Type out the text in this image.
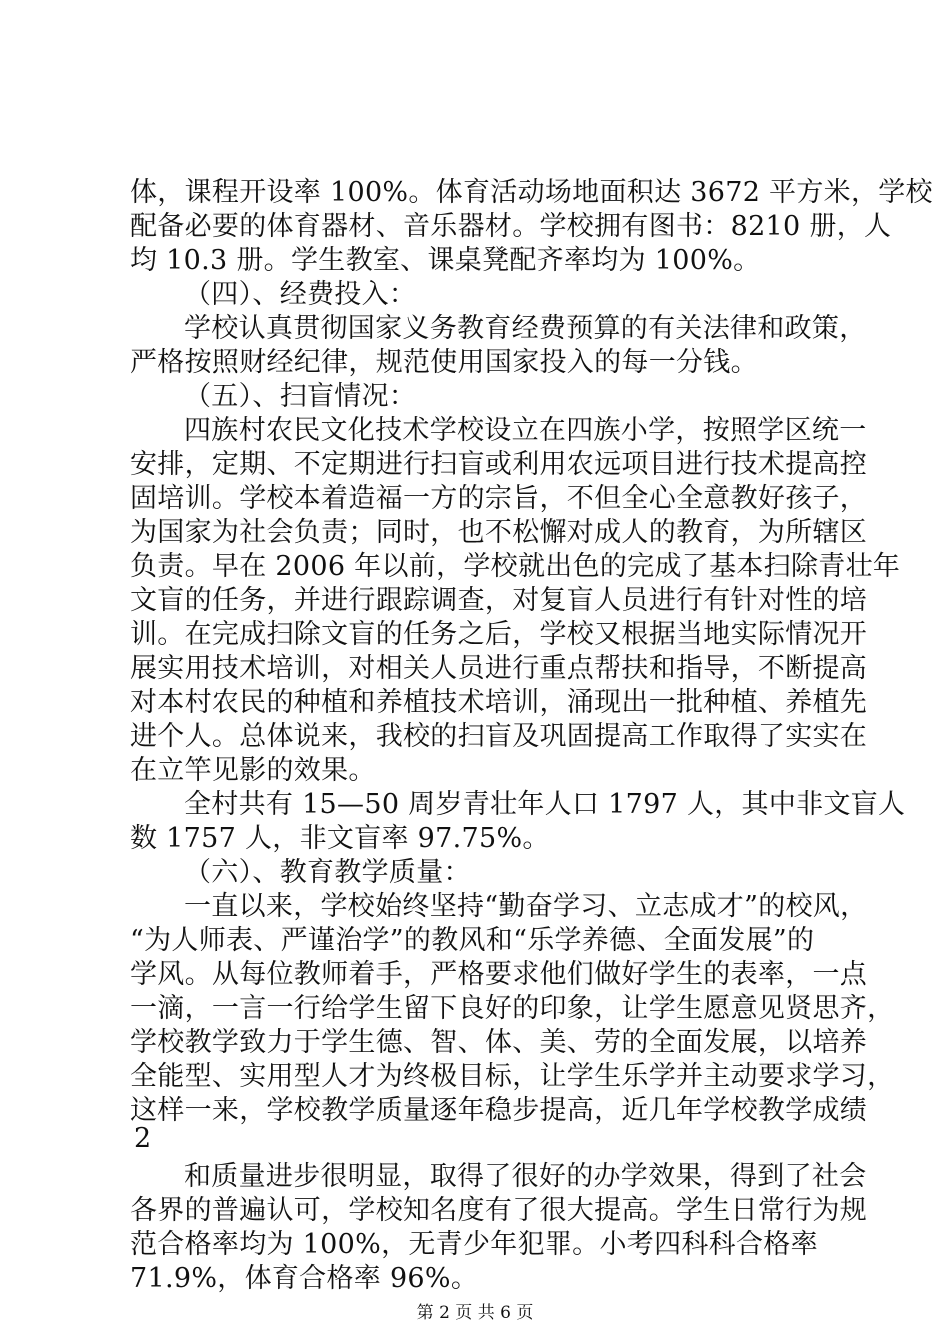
体，课程开设率 100%。体育活动场地面积达 3672 平方米，学校

配备必要的体育器材、音乐器材。学校拥有图书：8210 册，人

均 10.3 册。学生教室、课桌凳配齐率均为 100%。

（四）、经费投入：

学校认真贯彻国家义务教育经费预算的有关法律和政策，

严格按照财经纪律，规范使用国家投入的每一分钱。

（五）、扫盲情况：

四族村农民文化技术学校设立在四族小学，按照学区统一

安排，定期、不定期进行扫盲或利用农远项目进行技术提高控

固培训。学校本着造福一方的宗旨，不但全心全意教好孩子，

为国家为社会负责；同时，也不松懈对成人的教育，为所辖区

负责。早在 2006 年以前，学校就出色的完成了基本扫除青壮年

文盲的任务，并进行跟踪调查，对复盲人员进行有针对性的培

训。在完成扫除文盲的任务之后，学校又根据当地实际情况开

展实用技术培训，对相关人员进行重点帮扶和指导，不断提高

对本村农民的种植和养植技术培训，涌现出一批种植、养植先

进个人。总体说来，我校的扫盲及巩固提高工作取得了实实在

在立竿见影的效果。

全村共有 15—50 周岁青壮年人口 1797 人，其中非文盲人

数 1757 人，非文盲率 97.75%。

（六）、教育教学质量：

一直以来，学校始终坚持“勤奋学习、立志成才”的校风，

“为人师表、严谨治学”的教风和“乐学养德、全面发展”的

学风。从每位教师着手，严格要求他们做好学生的表率，一点

一滴，一言一行给学生留下良好的印象，让学生愿意见贤思齐，

学校教学致力于学生德、智、体、美、劳的全面发展，以培养

全能型、实用型人才为终极目标，让学生乐学并主动要求学习，

这样一来，学校教学质量逐年稳步提高，近几年学校教学成绩

2

和质量进步很明显，取得了很好的办学效果，得到了社会

各界的普遍认可，学校知名度有了很大提高。学生日常行为规

范合格率均为 100%，无青少年犯罪。小考四科科合格率

71.9%，体育合格率 96%。

第 2 页 共 6 页
